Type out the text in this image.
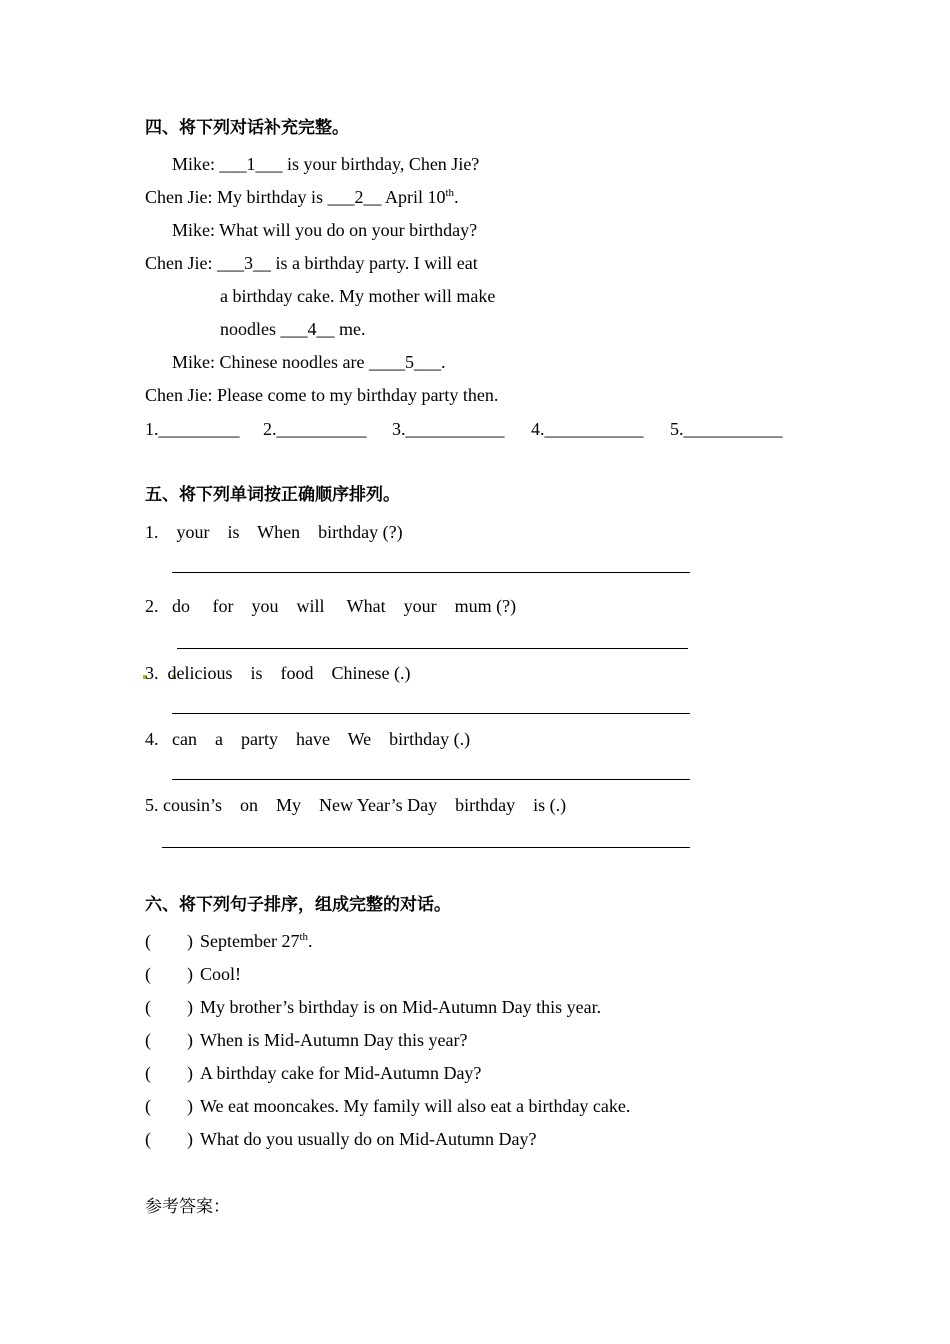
四、将下列对话补充完整。
Mike: ___1___ is your birthday, Chen Jie?
Chen Jie: My birthday is ___2__ April 10th.
Mike: What will you do on your birthday?
Chen Jie: ___3__ is a birthday party. I will eat
a birthday cake. My mother will make
noodles ___4__ me.
Mike: Chinese noodles are ____5___.
Chen Jie: Please come to my birthday party then.
1._________ 2.__________ 3.___________ 4.___________ 5.___________
五、将下列单词按正确顺序排列。
1.    your    is    When    birthday (?)
2.   do     for    you    will     What    your    mum (?)
3.  delicious    is    food    Chinese (.)
4.   can    a    party    have    We    birthday (.)
5. cousin’s    on    My    New Year’s Day    birthday    is (.)
六、将下列句子排序，组成完整的对话。
(        ) September 27th.
(        ) Cool!
(        ) My brother’s birthday is on Mid-Autumn Day this year.
(        ) When is Mid-Autumn Day this year?
(        ) A birthday cake for Mid-Autumn Day?
(        ) We eat mooncakes. My family will also eat a birthday cake.
(        ) What do you usually do on Mid-Autumn Day?
参考答案：
